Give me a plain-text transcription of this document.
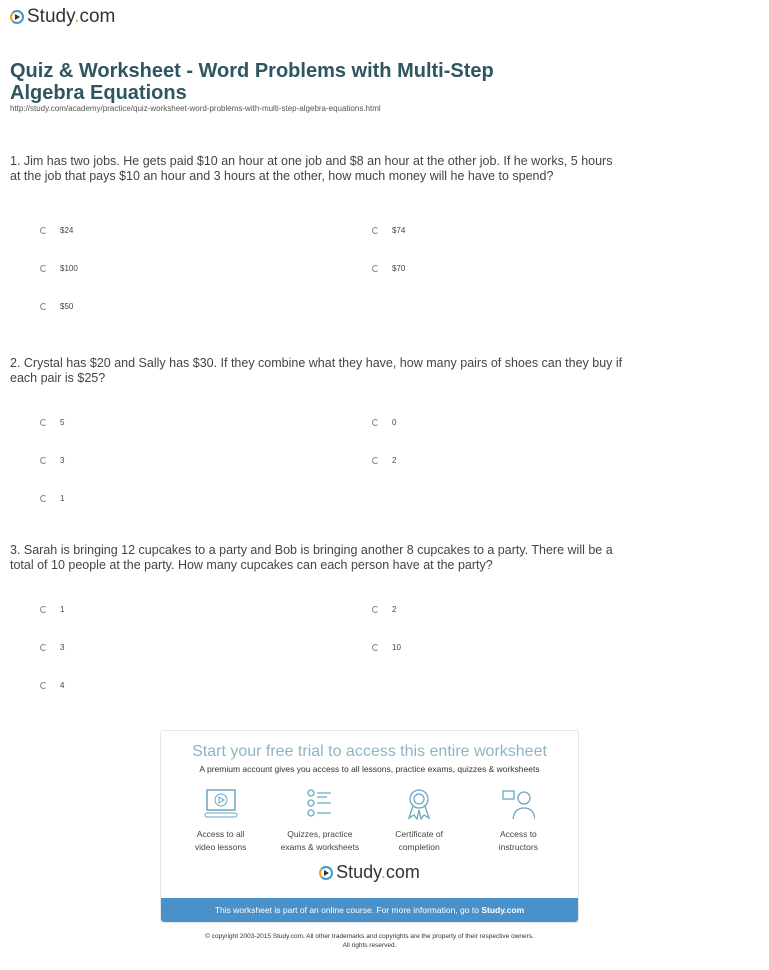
Study.com
Quiz & Worksheet - Word Problems with Multi-Step Algebra Equations
http://study.com/academy/practice/quiz-worksheet-word-problems-with-multi-step-algebra-equations.html
1. Jim has two jobs. He gets paid $10 an hour at one job and $8 an hour at the other job. If he works, 5 hours at the job that pays $10 an hour and 3 hours at the other, how much money will he have to spend?
$24	$74
$100	$70
$50
2. Crystal has $20 and Sally has $30. If they combine what they have, how many pairs of shoes can they buy if each pair is $25?
5	0
3	2
1
3. Sarah is bringing 12 cupcakes to a party and Bob is bringing another 8 cupcakes to a party. There will be a total of 10 people at the party. How many cupcakes can each person have at the party?
1	2
3	10
4
Start your free trial to access this entire worksheet
A premium account gives you access to all lessons, practice exams, quizzes & worksheets
Access to all
video lessons
Quizzes, practice
exams & worksheets
Certificate of
completion
Access to
instructors
Study.com
This worksheet is part of an online course. For more information, go to Study.com
© copyright 2003-2015 Study.com. All other trademarks and copyrights are the property of their respective owners.
All rights reserved.
